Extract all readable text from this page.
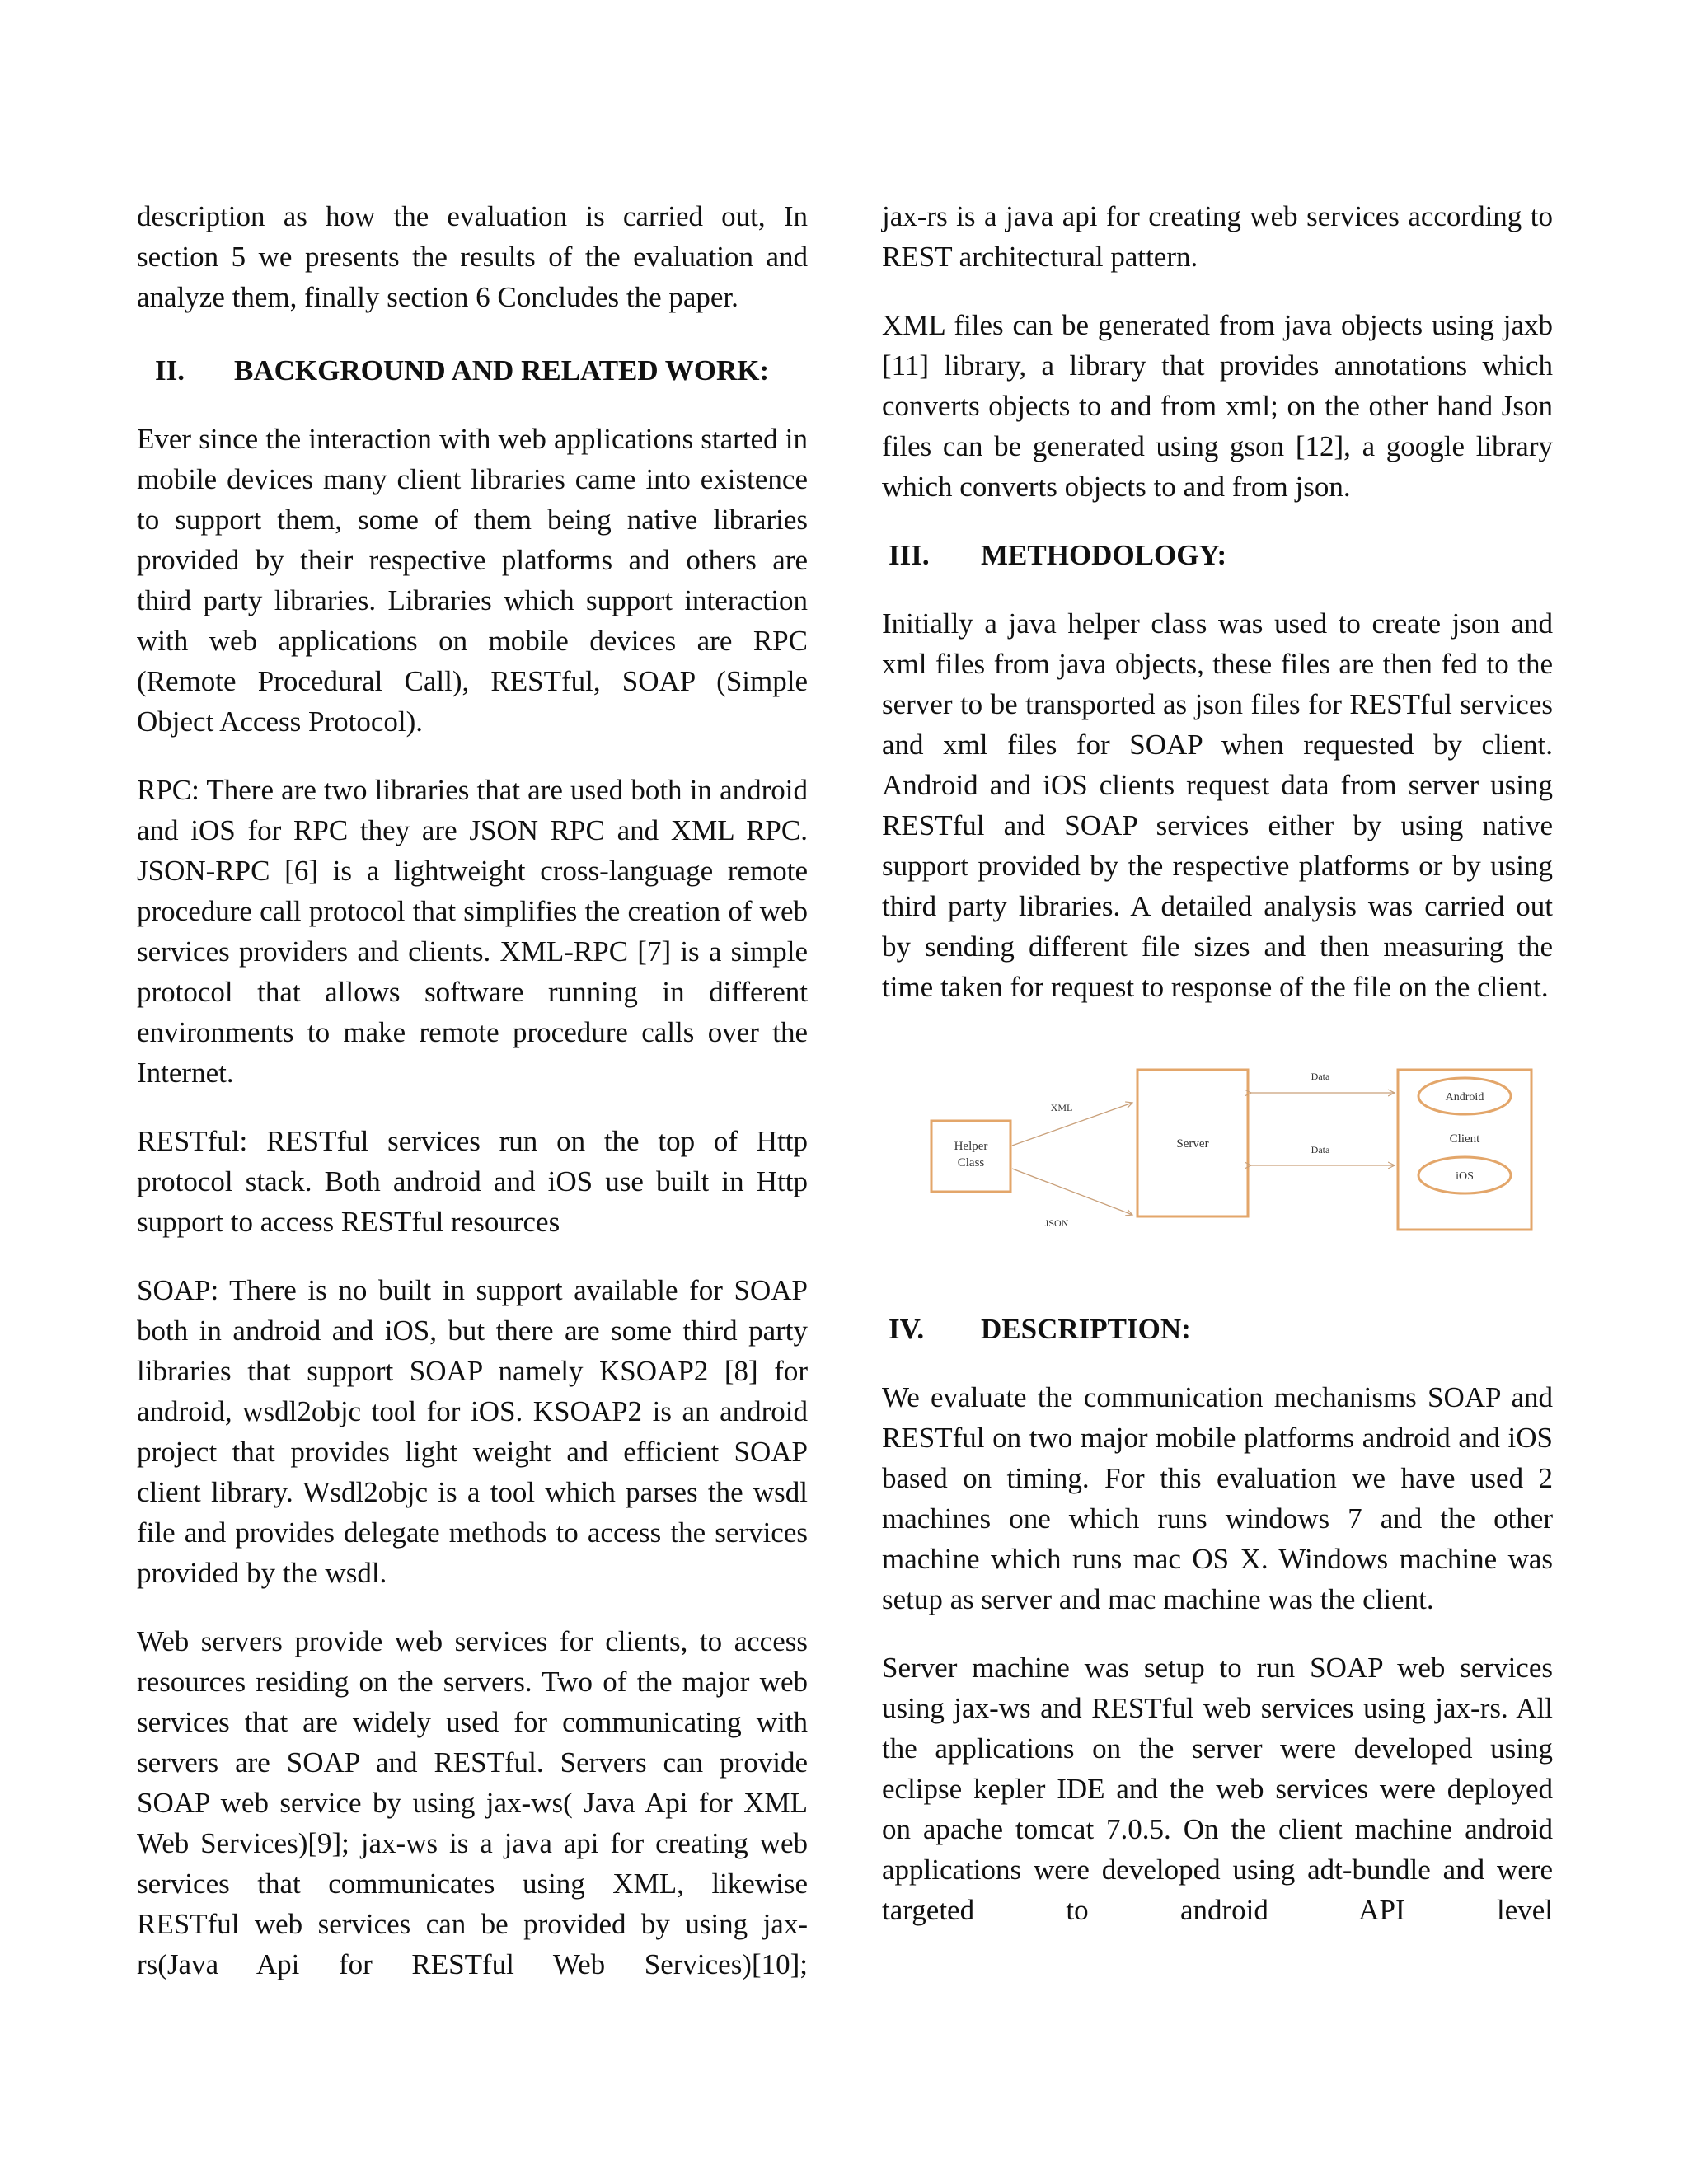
description as how the evaluation is carried out, In section 5 we presents the results of the evaluation and analyze them, finally section 6 Concludes the paper.

II.	BACKGROUND AND RELATED WORK:

Ever since the interaction with web applications started in mobile devices many client libraries came into existence to support them, some of them being native libraries provided by their respective platforms and others are third party libraries. Libraries which support interaction with web applications on mobile devices are RPC (Remote Procedural Call), RESTful, SOAP (Simple Object Access Protocol).

RPC: There are two libraries that are used both in android and iOS for RPC they are JSON RPC and XML RPC. JSON-RPC [6] is a lightweight cross-language remote procedure call protocol that simplifies the creation of web services providers and clients. XML-RPC [7] is a simple protocol that allows software running in different environments to make remote procedure calls over the Internet.

RESTful: RESTful services run on the top of Http protocol stack. Both android and iOS use built in Http support to access RESTful resources

SOAP: There is no built in support available for SOAP both in android and iOS, but there are some third party libraries that support SOAP namely KSOAP2 [8] for android, wsdl2objc tool for iOS. KSOAP2 is an android project that provides light weight and efficient SOAP client library. Wsdl2objc is a tool which parses the wsdl file and provides delegate methods to access the services provided by the wsdl.

Web servers provide web services for clients, to access resources residing on the servers. Two of the major web services that are widely used for communicating with servers are SOAP and RESTful. Servers can provide SOAP web service by using jax-ws( Java Api for XML Web Services)[9]; jax-ws is a java api for creating web services that communicates using XML, likewise RESTful web services can be provided by using jax-rs(Java Api for RESTful Web Services)[10];

jax-rs is a java api for creating web services according to REST architectural pattern.

XML files can be generated from java objects using jaxb [11] library, a library that provides annotations which converts objects to and from xml; on the other hand Json files can be generated using gson [12], a google library which converts objects to and from json.

III.	METHODOLOGY:

Initially a java helper class was used to create json and xml files from java objects, these files are then fed to the server to be transported as json files for RESTful services and xml files for SOAP when requested by client. Android and iOS clients request data from server using RESTful and SOAP services either by using native support provided by the respective platforms or by using third party libraries. A detailed analysis was carried out by sending different file sizes and then measuring the time taken for request to response of the file on the client.

Helper
Class
XML
JSON
Server
Data
Data
Android
Client
iOS
IV.	DESCRIPTION:

We evaluate the communication mechanisms SOAP and RESTful on two major mobile platforms android and iOS based on timing. For this evaluation we have used 2 machines one which runs windows 7 and the other machine which runs mac OS X. Windows machine was setup as server and mac machine was the client.

Server machine was setup to run SOAP web services using jax-ws and RESTful web services using jax-rs. All the applications on the server were developed using eclipse kepler IDE and the web services were deployed on apache tomcat 7.0.5. On the client machine android applications were developed using adt-bundle and were targeted to android API level
